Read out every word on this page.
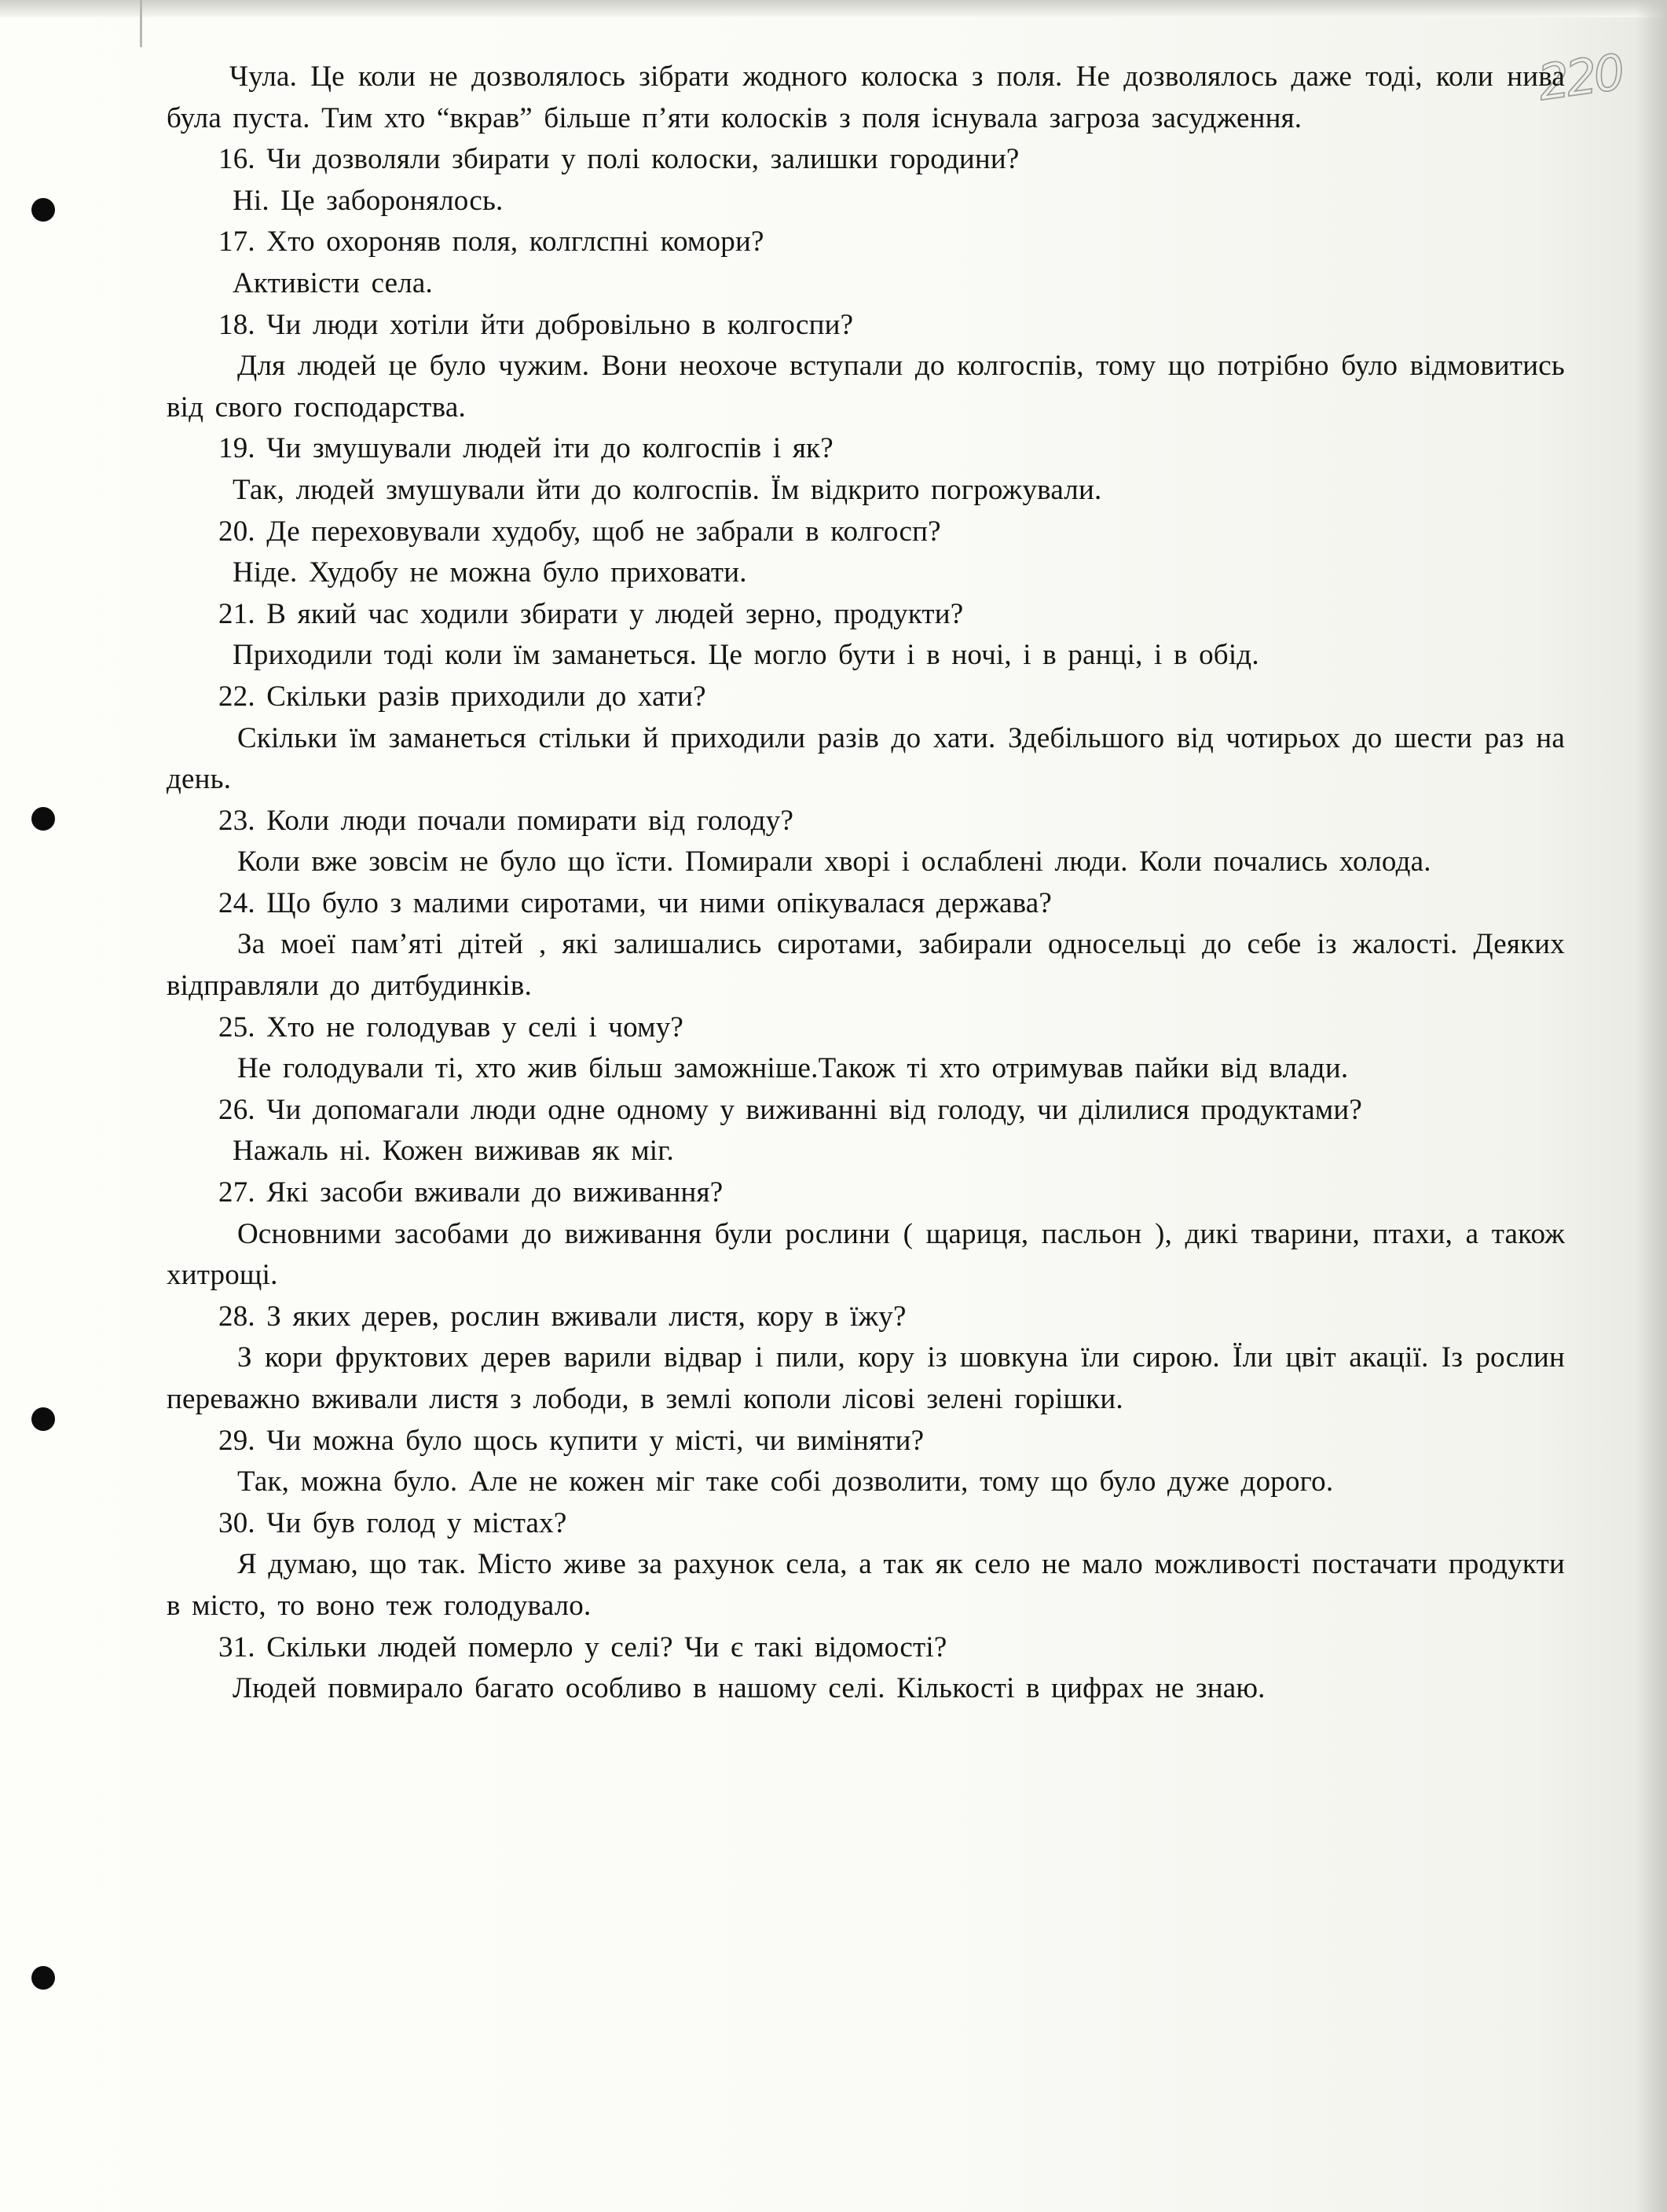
220

Чула. Це коли не дозволялось зібрати жодного колоска з поля. Не дозволялось даже тоді, коли нива була пуста. Тим хто “вкрав” більше п’яти колосків з поля існувала загроза засудження.

16. Чи дозволяли збирати у полі колоски, залишки городини?

Ні. Це заборонялось.

17. Хто охороняв поля, колглспні комори?

Активісти села.

18. Чи люди хотіли йти добровільно в колгоспи?

Для людей це було чужим. Вони неохоче вступали до колгоспів, тому що потрібно було відмовитись від свого господарства.

19. Чи змушували людей іти до колгоспів і як?

Так, людей змушували йти до колгоспів. Їм відкрито погрожували.

20. Де переховували худобу, щоб не забрали в колгосп?

Ніде. Худобу не можна було приховати.

21. В який час ходили збирати у людей зерно, продукти?

Приходили тоді коли їм заманеться. Це могло бути і в ночі, і в ранці, і в обід.

22. Скільки разів приходили до хати?

Скільки їм заманеться стільки й приходили разів до хати. Здебільшого від чотирьох до шести раз на день.

23. Коли люди почали помирати від голоду?

Коли вже зовсім не було що їсти. Помирали хворі і ослаблені люди. Коли почались холода.

24. Що було з малими сиротами, чи ними опікувалася держава?

За моеї пам’яті дітей , які залишались сиротами, забирали односельці до себе із жалості. Деяких відправляли до дитбудинків.

25. Хто не голодував у селі і чому?

Не голодували ті, хто жив більш заможніше.Також ті хто отримував пайки від влади.

26. Чи допомагали люди одне одному у виживанні від голоду, чи ділилися продуктами?

Нажаль ні. Кожен виживав як міг.

27. Які засоби вживали до виживання?

Основними засобами до виживання були рослини ( щариця, пасльон ), дикі тварини, птахи, а також хитрощі.

28. З яких дерев, рослин вживали листя, кору в їжу?

З кори фруктових дерев варили відвар і пили, кору із шовкуна їли сирою. Їли цвіт акації. Із рослин переважно вживали листя з лободи, в землі кополи лісові зелені горішки.

29. Чи можна було щось купити у місті, чи виміняти?

Так, можна було. Але не кожен міг таке собі дозволити, тому що було дуже дорого.

30. Чи був голод у містах?

Я думаю, що так. Місто живе за рахунок села, а так як село не мало можливості постачати продукти в місто, то воно теж голодувало.

31. Скільки людей померло у селі? Чи є такі відомості?

Людей повмирало багато особливо в нашому селі. Кількості в цифрах не знаю.
